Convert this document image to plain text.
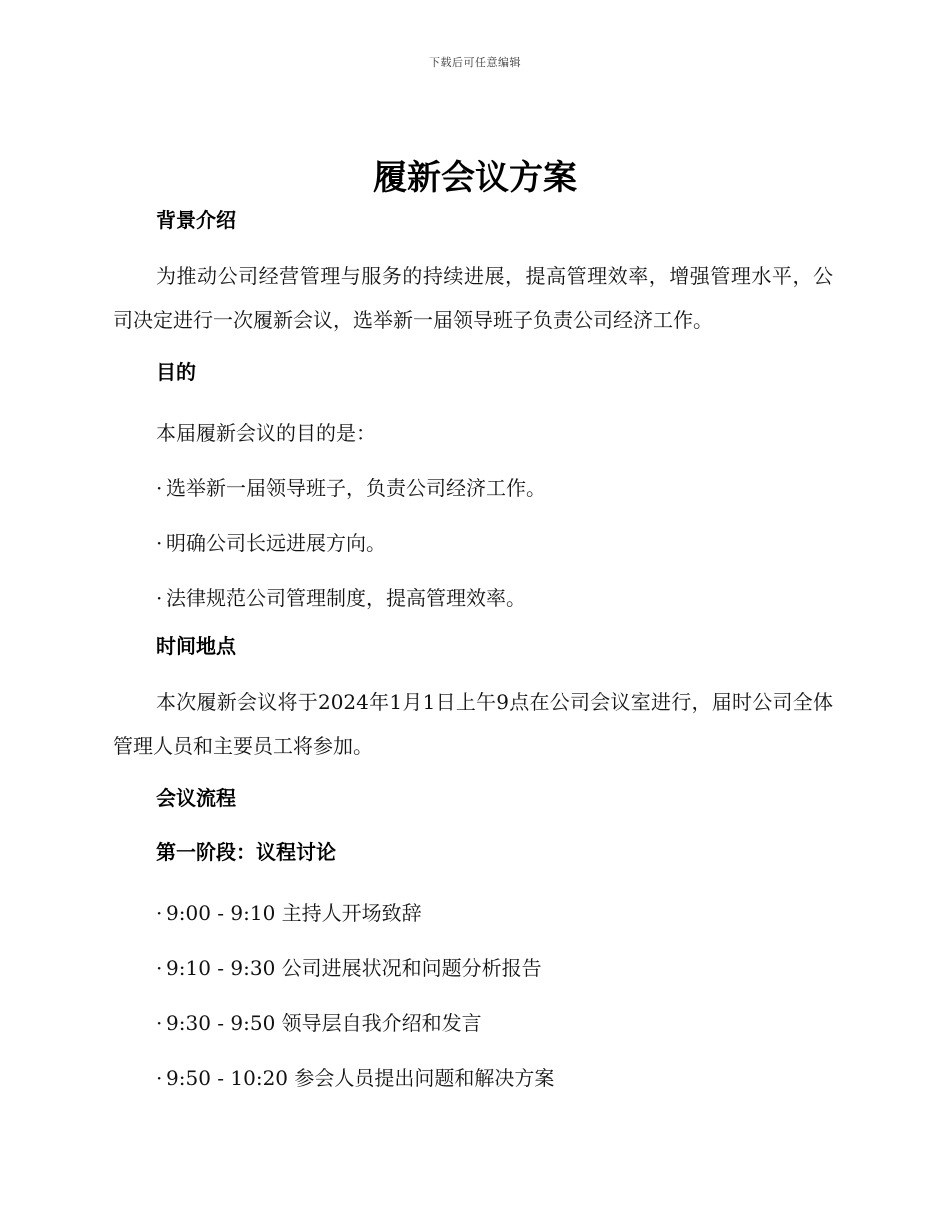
下载后可任意编辑
履新会议方案
背景介绍

为推动公司经营管理与服务的持续进展，提高管理效率，增强管理水平，公司决定进行一次履新会议，选举新一届领导班子负责公司经济工作。

目的
本届履新会议的目的是：
· 选举新一届领导班子，负责公司经济工作。
· 明确公司长远进展方向。
· 法律规范公司管理制度，提高管理效率。
时间地点

本次履新会议将于2024年1月1日上午9点在公司会议室进行，届时公司全体管理人员和主要员工将参加。

会议流程
第一阶段：议程讨论
· 9:00 - 9:10 主持人开场致辞
· 9:10 - 9:30 公司进展状况和问题分析报告
· 9:30 - 9:50 领导层自我介绍和发言
· 9:50 - 10:20 参会人员提出问题和解决方案
